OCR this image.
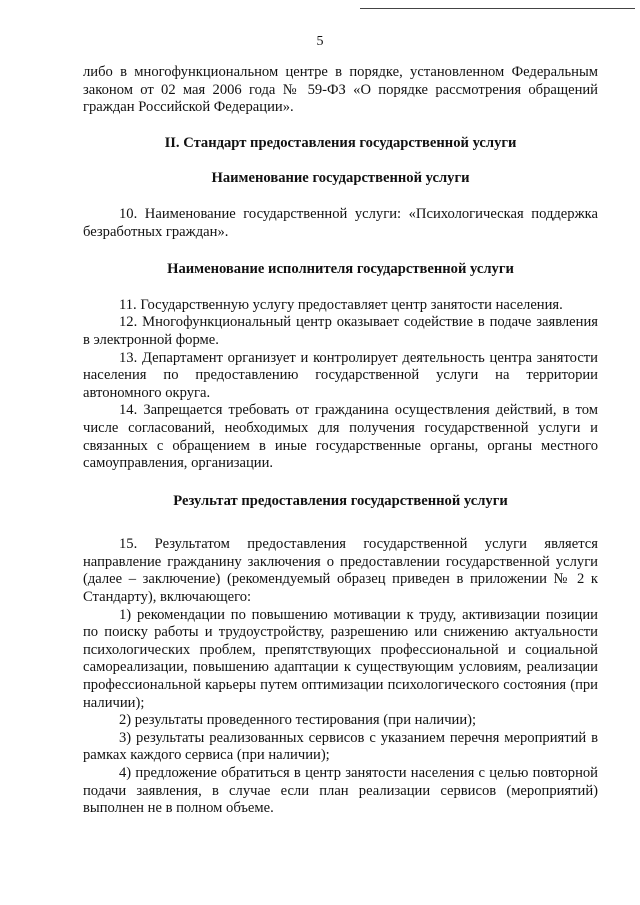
5

либо в многофункциональном центре в порядке, установленном Федеральным законом от 02 мая 2006 года № 59-ФЗ «О порядке рассмотрения обращений граждан Российской Федерации».

II. Стандарт предоставления государственной услуги
Наименование государственной услуги

10. Наименование государственной услуги: «Психологическая поддержка безработных граждан».

Наименование исполнителя государственной услуги

11. Государственную услугу предоставляет центр занятости населения.

12. Многофункциональный центр оказывает содействие в подаче заявления в электронной форме.

13. Департамент организует и контролирует деятельность центра занятости населения по предоставлению государственной услуги на территории автономного округа.

14. Запрещается требовать от гражданина осуществления действий, в том числе согласований, необходимых для получения государственной услуги и связанных с обращением в иные государственные органы, органы местного самоуправления, организации.

Результат предоставления государственной услуги

15. Результатом предоставления государственной услуги является направление гражданину заключения о предоставлении государственной услуги (далее – заключение) (рекомендуемый образец приведен в приложении № 2 к Стандарту), включающего:

1) рекомендации по повышению мотивации к труду, активизации позиции по поиску работы и трудоустройству, разрешению или снижению актуальности психологических проблем, препятствующих профессиональной и социальной самореализации, повышению адаптации к существующим условиям, реализации профессиональной карьеры путем оптимизации психологического состояния (при наличии);

2) результаты проведенного тестирования (при наличии);

3) результаты реализованных сервисов с указанием перечня мероприятий в рамках каждого сервиса (при наличии);

4) предложение обратиться в центр занятости населения с целью повторной подачи заявления, в случае если план реализации сервисов (мероприятий) выполнен не в полном объеме.
